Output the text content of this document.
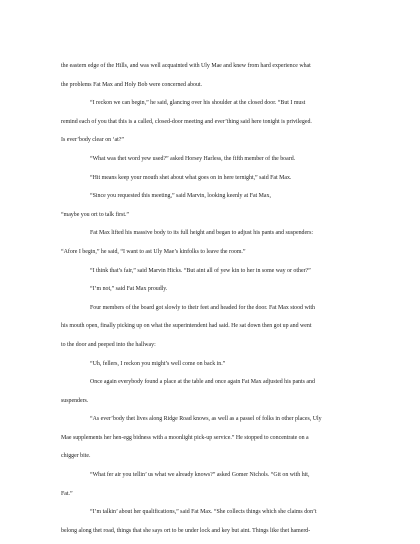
the eastern edge of the Hills, and was well acquainted with Uly Mae and knew from hard experience what
the problems Fat Max and Holy Bob were concerned about.
“I reckon we can begin,” he said, glancing over his shoulder at the closed door. “But I must
remind each of you that this is a called, closed-door meeting and ever’thing said here tonight is privileged.
Is ever’body clear on ‘at?”
“What was thet word yew used?” asked Horsey Harless, the fifth member of the board.
“Hit means keep your mouth shet about what goes on in here ternight,” said Fat Max.
“Since you requested this meeting,” said Marvin, looking keenly at Fat Max,
“maybe you ort to talk first.”
Fat Max lifted his massive body to its full height and began to adjust his pants and suspenders:
“Afore I begin,” he said, “I want to ast Uly Mae’s kinfolks to leave the room.”
“I think that’s fair,” said Marvin Hicks. “But aint all of yew kin to her in some way or other?”
“I’m not,” said Fat Max proudly.
Four members of the board got slowly to their feet and headed for the door. Fat Max stood with
his mouth open, finally picking up on what the superintendent had said. He sat down then got up and went
to the door and peeped into the hallway:
“Uh, fellers, I reckon you might’s well come on back in.”
Once again everybody found a place at the table and once again Fat Max adjusted his pants and
suspenders.
“As ever’body thet lives along Ridge Road knows, as well as a passel of folks in other places, Uly
Mae supplements her hen-egg bidness with a moonlight pick-up service.” He stopped to concentrate on a
chigger bite.
“What fer air you tellin’ us what we already knows?” asked Gomer Nichols. “Git on with hit,
Fat.”
“I’m talkin’ about her qualifications,” said Fat Max. “She collects things which she claims don’t
belong along thet road, things that she says ort to be under lock and key but aint. Things like thet hamerd-
